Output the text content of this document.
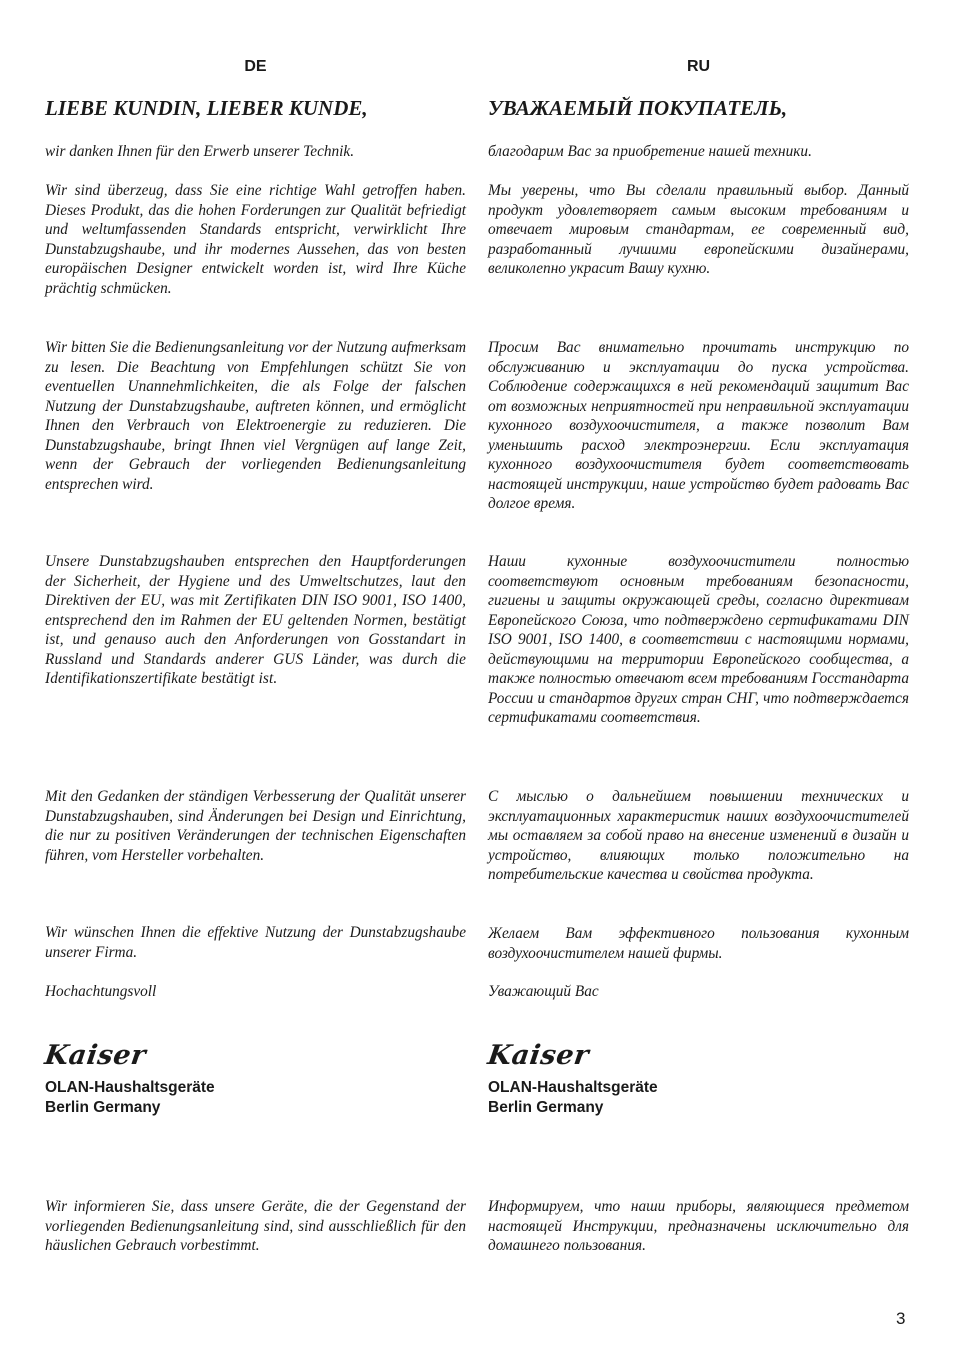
DE
LIEBE KUNDIN, LIEBER KUNDE,

wir danken Ihnen für den Erwerb unserer Technik.

Wir sind überzeug, dass Sie eine richtige Wahl getroffen haben. Dieses Produkt, das die hohen Forderungen zur Qualität befriedigt und weltumfassenden Standards entspricht, verwirklicht Ihre Dunstabzugshaube, und ihr modernes Aussehen, das von besten europäischen Designer entwickelt worden ist, wird Ihre Küche prächtig schmücken.

Wir bitten Sie die Bedienungsanleitung vor der Nutzung aufmerksam zu lesen. Die Beachtung von Empfehlungen schützt Sie von eventuellen Unannehmlichkeiten, die als Folge der falschen Nutzung der Dunstabzugshaube, auftreten können, und ermöglicht Ihnen den Verbrauch von Elektroenergie zu reduzieren. Die Dunstabzugshaube, bringt Ihnen viel Vergnügen auf lange Zeit, wenn der Gebrauch der vorliegenden Bedienungsanleitung entsprechen wird.

Unsere Dunstabzugshauben entsprechen den Hauptforderungen der Sicherheit, der Hygiene und des Umweltschutzes, laut den Direktiven der EU, was mit Zertifikaten DIN ISO 9001, ISO 1400, entsprechend den im Rahmen der EU geltenden Normen, bestätigt ist, und genauso auch den Anforderungen von Gosstandart in Russland und Standards anderer GUS Länder, was durch die Identifikationszertifikate bestätigt ist.

Mit den Gedanken der ständigen Verbesserung der Qualität unserer Dunstabzugshauben, sind Änderungen bei Design und Einrichtung, die nur zu positiven Veränderungen der technischen Eigenschaften führen, vom Hersteller vorbehalten.

Wir wünschen Ihnen die effektive Nutzung der Dunstabzugshaube unserer Firma.

Hochachtungsvoll

Kaiser
OLAN-Haushaltsgeräte
Berlin Germany

Wir informieren Sie, dass unsere Geräte, die der Gegenstand der vorliegenden Bedienungsanleitung sind, sind ausschließlich für den häuslichen Gebrauch vorbestimmt.

RU
УВАЖАЕМЫЙ ПОКУПАТЕЛЬ,

благодарим Вас за приобретение нашей техники.

Мы уверены, что Вы сделали правильный выбор. Данный продукт удовлетворяет самым высоким требованиям и отвечает мировым стандартам, ее современный вид, разработанный лучшими европейскими дизайнерами, великолепно украсит Вашу кухню.

Просим Вас внимательно прочитать инструкцию по обслуживанию и эксплуатации до пуска устройства. Соблюдение содержащихся в ней рекомендаций защитит Вас от возможных неприятностей при неправильной эксплуатации кухонного воздухоочистителя, а также позволит Вам уменьшить расход электроэнергии. Если эксплуатация кухонного воздухоочистителя будет соответствовать настоящей инструкции, наше устройство будет радовать Вас долгое время.

Наши кухонные воздухоочистители полностью соответствуют основным требованиям безопасности, гигиены и защиты окружающей среды, согласно директивам Европейского Союза, что подтверждено сертификатами DIN ISO 9001, ISO 1400, в соответствии с настоящими нормами, действующими на территории Европейского сообщества, а также полностью отвечают всем требованиям Госстандарта России и стандартов других стран СНГ, что подтверждается сертификатами соответствия.

С мыслью о дальнейшем повышении технических и эксплуатационных характеристик наших воздухоочистителей мы оставляем за собой право на внесение изменений в дизайн и устройство, влияющих только положительно на потребительские качества и свойства продукта.

Желаем Вам эффективного пользования кухонным воздухоочистителем нашей фирмы.

Уважающий Вас

Kaiser
OLAN-Haushaltsgeräte
Berlin Germany

Информируем, что наши приборы, являющиеся предметом настоящей Инструкции, предназначены исключительно для домашнего пользования.

3
